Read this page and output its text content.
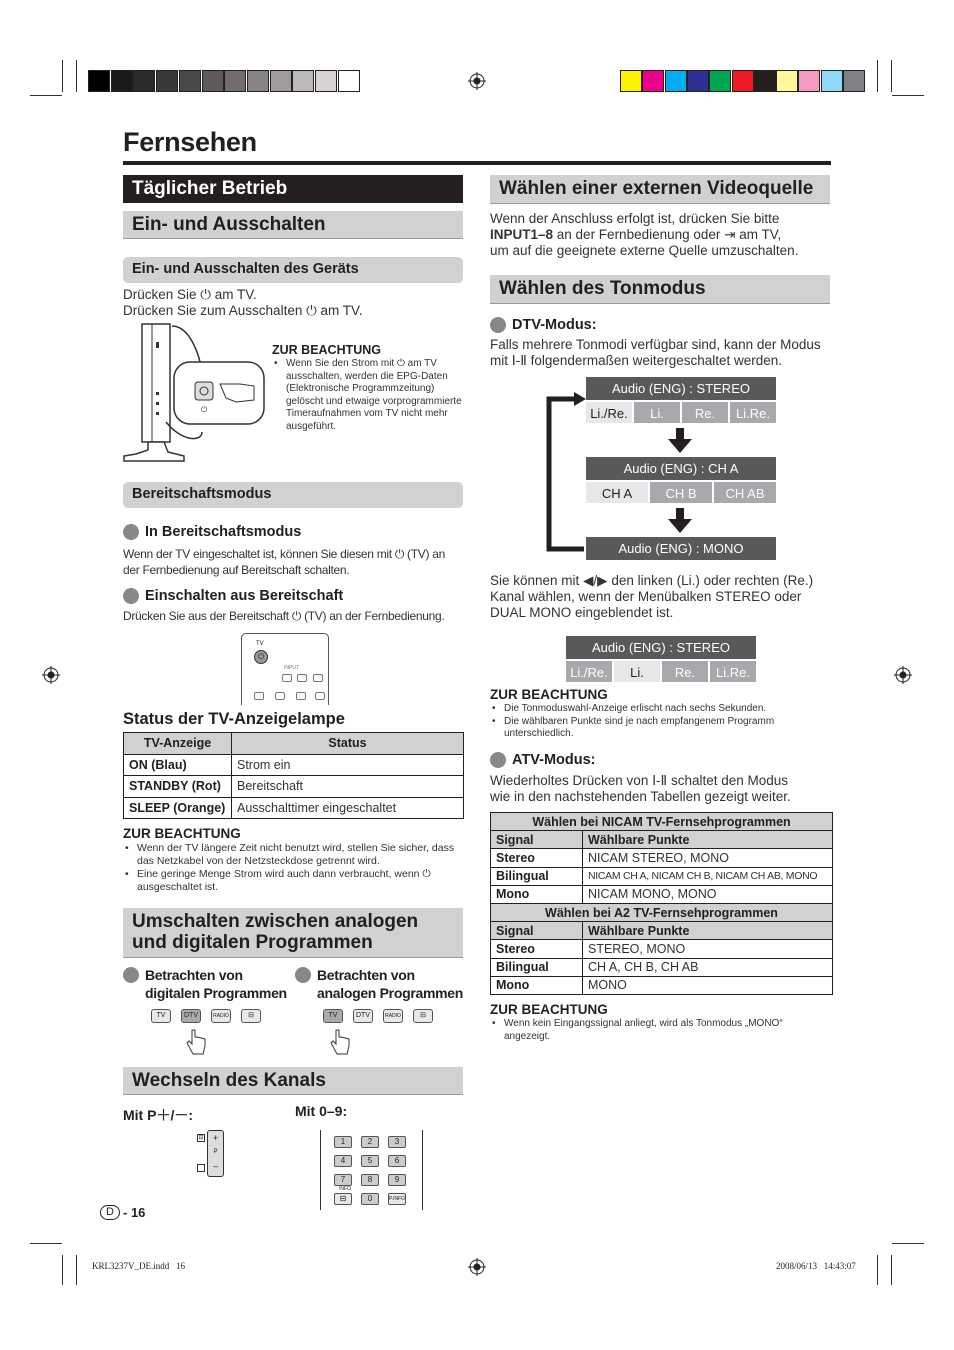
Fernsehen
Täglicher Betrieb
Ein- und Ausschalten
Ein- und Ausschalten des Geräts
Drücken Sie ⏻ am TV.
Drücken Sie zum Ausschalten ⏻ am TV.
⏻
ZUR BEACHTUNG
• Wenn Sie den Strom mit ⏻ am TV ausschalten, werden die EPG-Daten (Elektronische Programmzeitung) gelöscht und etwaige vorprogrammierte Timeraufnahmen vom TV nicht mehr ausgeführt.
Bereitschaftsmodus
In Bereitschaftsmodus
Wenn der TV eingeschaltet ist, können Sie diesen mit ⏻ (TV) an der Fernbedienung auf Bereitschaft schalten.
Einschalten aus Bereitschaft
Drücken Sie aus der Bereitschaft ⏻ (TV) an der Fernbedienung.
TV
⏻
INPUT
Status der TV-Anzeigelampe
TV-Anzeige	Status
ON (Blau)	Strom ein
STANDBY (Rot)	Bereitschaft
SLEEP (Orange)	Ausschalttimer eingeschaltet
ZUR BEACHTUNG
• Wenn der TV längere Zeit nicht benutzt wird, stellen Sie sicher, dass das Netzkabel von der Netzsteckdose getrennt wird.
• Eine geringe Menge Strom wird auch dann verbraucht, wenn ⏻ ausgeschaltet ist.
Umschalten zwischen analogen
und digitalen Programmen
Betrachten von
digitalen Programmen
Betrachten von
analogen Programmen
TV	DTV	RADIO	⊟	TV	DTV	RADIO	⊟
Wechseln des Kanals
Mit P＋/－:	Mit 0–9:
⊟	+
P
–
1	2	3
4	5	6
7	8	9
⊟	0	P.INFO
INFO
D - 16
Wählen einer externen Videoquelle
Wenn der Anschluss erfolgt ist, drücken Sie bitte
INPUT1–8 an der Fernbedienung oder ⇥ am TV,
um auf die geeignete externe Quelle umzuschalten.
Wählen des Tonmodus
DTV-Modus:
Falls mehrere Tonmodi verfügbar sind, kann der Modus
mit Ⅰ-Ⅱ folgendermaßen weitergeschaltet werden.
Audio (ENG) : STEREO
Li./Re.	Li.	Re.	Li.Re.
Audio (ENG) : CH A
CH A	CH B	CH AB
Audio (ENG) : MONO
Sie können mit ◀/▶ den linken (Li.) oder rechten (Re.) Kanal wählen, wenn der Menübalken STEREO oder DUAL MONO eingeblendet ist.
Audio (ENG) : STEREO
Li./Re.	Li.	Re.	Li.Re.
ZUR BEACHTUNG
• Die Tonmoduswahl-Anzeige erlischt nach sechs Sekunden.
• Die wählbaren Punkte sind je nach empfangenem Programm unterschiedlich.
ATV-Modus:
Wiederholtes Drücken von Ⅰ-Ⅱ schaltet den Modus
wie in den nachstehenden Tabellen gezeigt weiter.
Wählen bei NICAM TV-Fernsehprogrammen	
Signal	Wählbare Punkte
Stereo	NICAM STEREO, MONO
Bilingual	NICAM CH A, NICAM CH B, NICAM CH AB, MONO
Mono	NICAM MONO, MONO
Wählen bei A2 TV-Fernsehprogrammen	
Signal	Wählbare Punkte
Stereo	STEREO, MONO
Bilingual	CH A, CH B, CH AB
Mono	MONO
ZUR BEACHTUNG
• Wenn kein Eingangssignal anliegt, wird als Tonmodus „MONO“ angezeigt.
KRL3237V_DE.indd   16	2008/06/13   14:43:07
